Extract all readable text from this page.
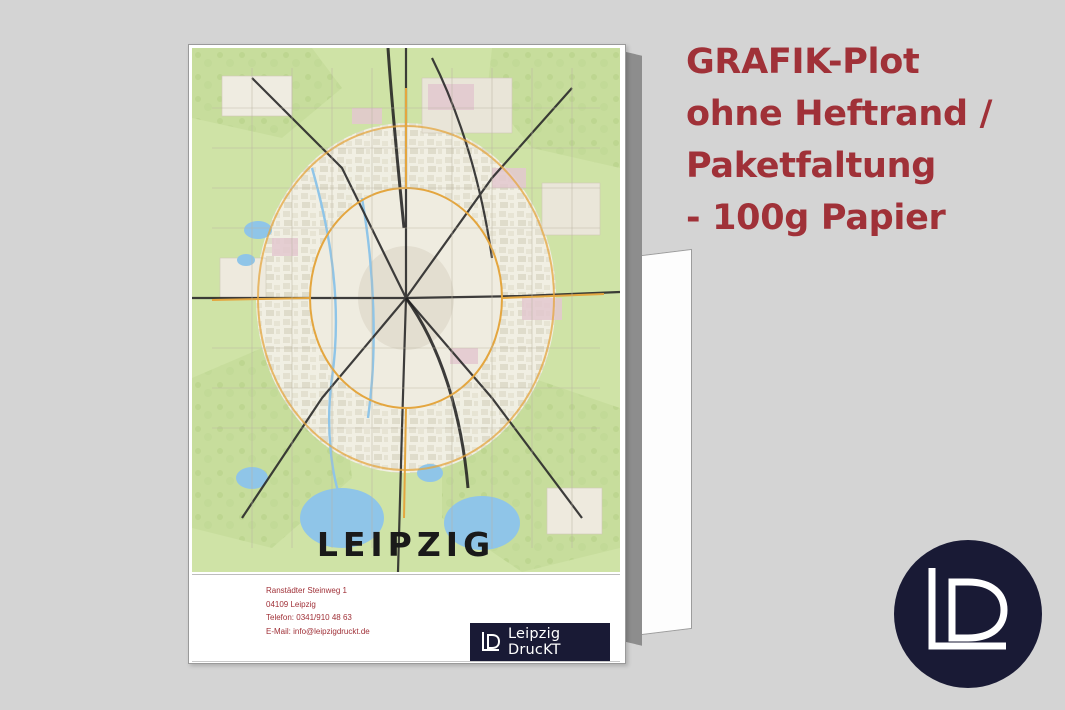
GRAFIK-Plot
ohne Heftrand /
Paketfaltung
- 100g Papier
LEIPZIG
Ranstädter Steinweg 1
04109 Leipzig
Telefon: 0341/910 48 63
E-Mail: info@leipzigdruckt.de	Leipzig DrucKT
